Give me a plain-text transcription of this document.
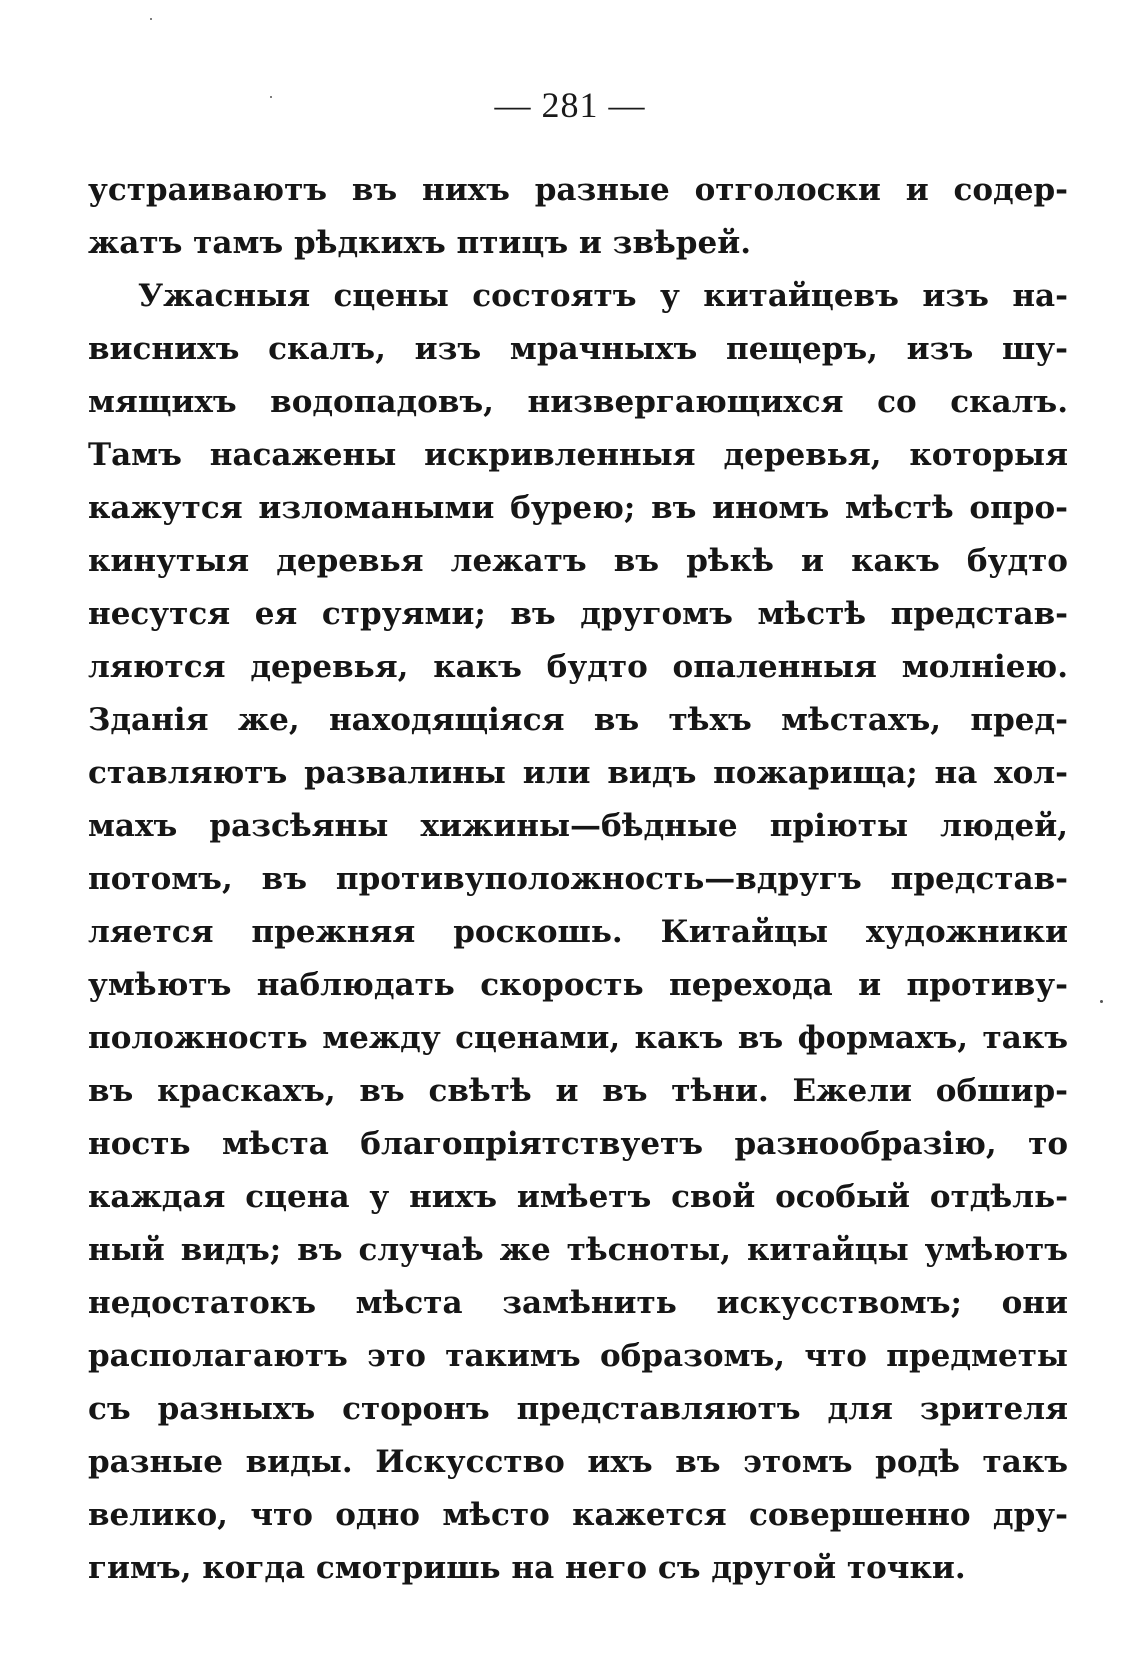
— 281 —
устраиваютъ въ нихъ разные отголоски и содер-
жатъ тамъ рѣдкихъ птицъ и звѣрей.
Ужасныя сцены состоятъ у китайцевъ изъ на-
виснихъ скалъ, изъ мрачныхъ пещеръ, изъ шу-
мящихъ водопадовъ, низвергающихся со скалъ.
Тамъ насажены искривленныя деревья, которыя
кажутся изломаными бурею; въ иномъ мѣстѣ опро-
кинутыя деревья лежатъ въ рѣкѣ и какъ будто
несутся ея струями; въ другомъ мѣстѣ представ-
ляются деревья, какъ будто опаленныя молніею.
Зданія же, находящіяся въ тѣхъ мѣстахъ, пред-
ставляютъ развалины или видъ пожарища; на хол-
махъ разсѣяны хижины—бѣдные пріюты людей,
потомъ, въ противуположность—вдругъ представ-
ляется прежняя роскошь. Китайцы художники
умѣютъ наблюдать скорость перехода и противу-
положность между сценами, какъ въ формахъ, такъ
въ краскахъ, въ свѣтѣ и въ тѣни. Ежели обшир-
ность мѣста благопріятствуетъ разнообразію, то
каждая сцена у нихъ имѣетъ свой особый отдѣль-
ный видъ; въ случаѣ же тѣсноты, китайцы умѣютъ
недостатокъ мѣста замѣнить искусствомъ; они
располагаютъ это такимъ образомъ, что предметы
съ разныхъ сторонъ представляютъ для зрителя
разные виды. Искусство ихъ въ этомъ родѣ такъ
велико, что одно мѣсто кажется совершенно дру-
гимъ, когда смотришь на него съ другой точки.
